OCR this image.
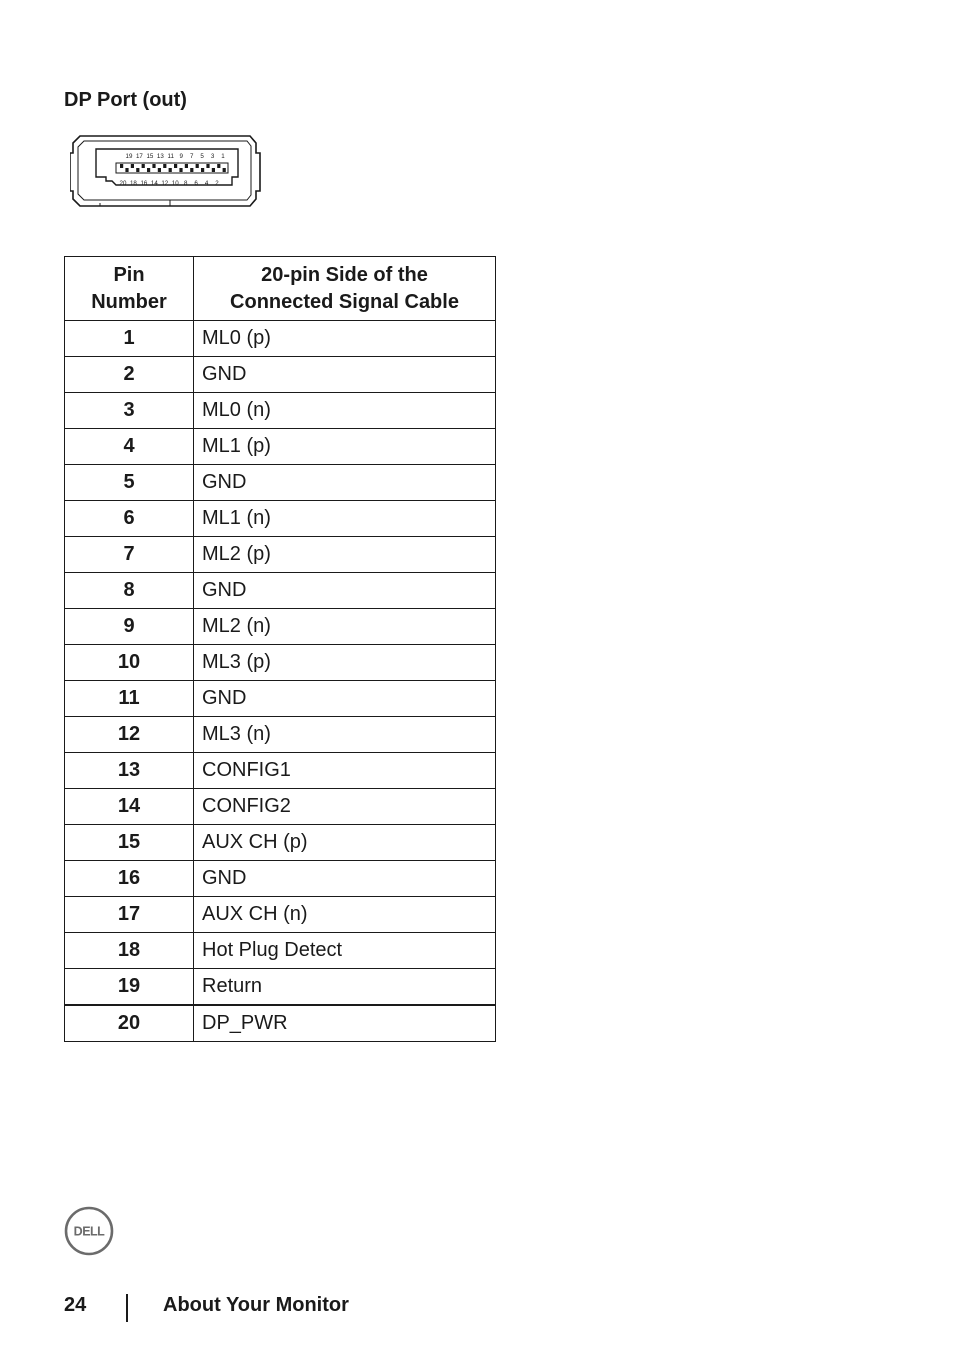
DP Port (out)
19 17 15 13 11 9 7 5 3 1
20 18 16 14 12 10 8 6 4 2
Pin
Number	20-pin Side of the
Connected Signal Cable
1	ML0 (p)
2	GND
3	ML0 (n)
4	ML1 (p)
5	GND
6	ML1 (n)
7	ML2 (p)
8	GND
9	ML2 (n)
10	ML3 (p)
11	GND
12	ML3 (n)
13	CONFIG1
14	CONFIG2
15	AUX CH (p)
16	GND
17	AUX CH (n)
18	Hot Plug Detect
19	Return
20	DP_PWR
DELL
24	About Your Monitor
